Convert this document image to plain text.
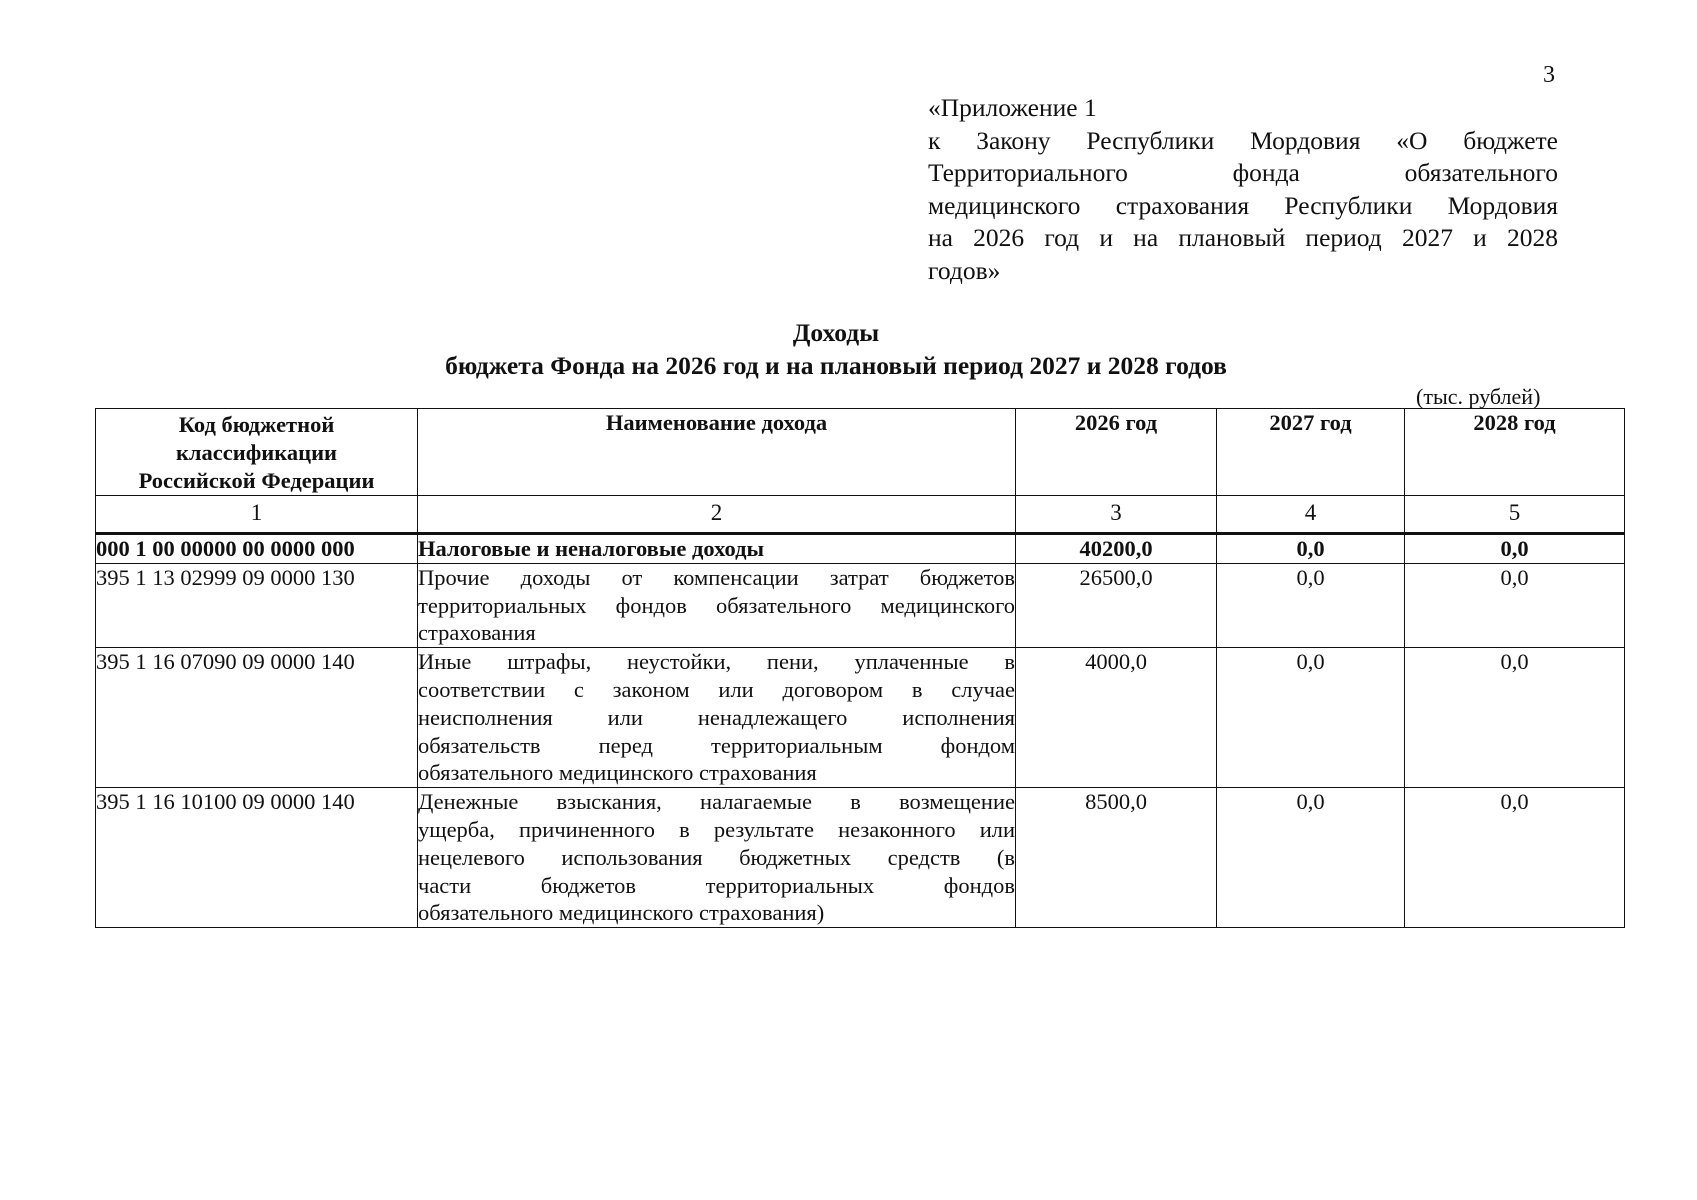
3
«Приложение 1
к Закону Республики Мордовия «О бюджете
Территориального фонда обязательного
медицинского страхования Республики Мордовия
на 2026 год и на плановый период 2027 и 2028
годов»
Доходы
бюджета Фонда на 2026 год и на плановый период 2027 и 2028 годов
(тыс. рублей)
Код бюджетной классификации Российской Федерации	Наименование дохода	2026 год	2027 год	2028 год
1	2	3	4	5
000 1 00 00000 00 0000 000	Налоговые и неналоговые доходы	40200,0	0,0	0,0
395 1 13 02999 09 0000 130	Прочие доходы от компенсации затрат бюджетов
территориальных фондов обязательного медицинского
страхования	26500,0	0,0	0,0
395 1 16 07090 09 0000 140	Иные штрафы, неустойки, пени, уплаченные в
соответствии с законом или договором в случае
неисполнения или ненадлежащего исполнения
обязательств перед территориальным фондом
обязательного медицинского страхования	4000,0	0,0	0,0
395 1 16 10100 09 0000 140	Денежные взыскания, налагаемые в возмещение
ущерба, причиненного в результате незаконного или
нецелевого использования бюджетных средств (в
части бюджетов территориальных фондов
обязательного медицинского страхования)	8500,0	0,0	0,0
